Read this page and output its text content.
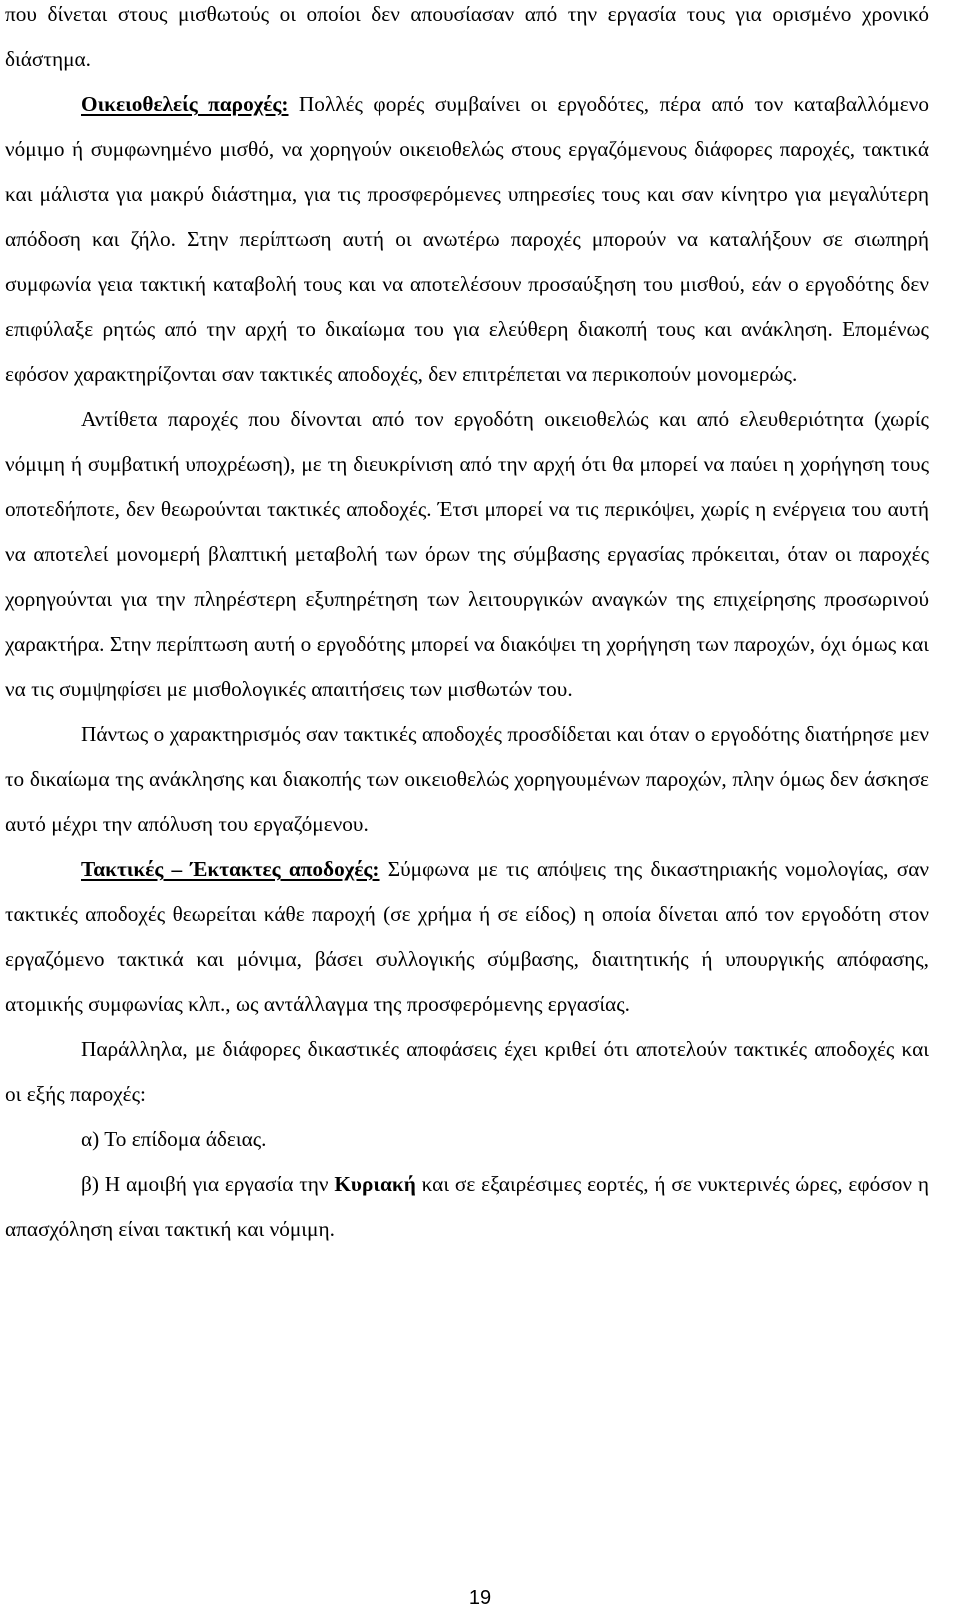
που δίνεται στους μισθωτούς οι οποίοι δεν απουσίασαν από την εργασία τους για ορισμένο χρονικό διάστημα.

Οικειοθελείς παροχές: Πολλές φορές συμβαίνει οι εργοδότες, πέρα από τον καταβαλλόμενο νόμιμο ή συμφωνημένο μισθό, να χορηγούν οικειοθελώς στους εργαζόμενους διάφορες παροχές, τακτικά και μάλιστα για μακρύ διάστημα, για τις προσφερόμενες υπηρεσίες τους και σαν κίνητρο για μεγαλύτερη απόδοση και ζήλο. Στην περίπτωση αυτή οι ανωτέρω παροχές μπορούν να καταλήξουν σε σιωπηρή συμφωνία γεια τακτική καταβολή τους και να αποτελέσουν προσαύξηση του μισθού, εάν ο εργοδότης δεν επιφύλαξε ρητώς από την αρχή το δικαίωμα του για ελεύθερη διακοπή τους και ανάκληση. Επομένως εφόσον χαρακτηρίζονται σαν τακτικές αποδοχές, δεν επιτρέπεται να περικοπούν μονομερώς.

Αντίθετα παροχές που δίνονται από τον εργοδότη οικειοθελώς και από ελευθεριότητα (χωρίς νόμιμη ή συμβατική υποχρέωση), με τη διευκρίνιση από την αρχή ότι θα μπορεί να παύει η χορήγηση τους οποτεδήποτε, δεν θεωρούνται τακτικές αποδοχές. Έτσι μπορεί να τις περικόψει, χωρίς η ενέργεια του αυτή να αποτελεί μονομερή βλαπτική μεταβολή των όρων της σύμβασης εργασίας πρόκειται, όταν οι παροχές χορηγούνται για την πληρέστερη εξυπηρέτηση των λειτουργικών αναγκών της επιχείρησης προσωρινού χαρακτήρα. Στην περίπτωση αυτή ο εργοδότης μπορεί να διακόψει τη χορήγηση των παροχών, όχι όμως και να τις συμψηφίσει με μισθολογικές απαιτήσεις των μισθωτών του.

Πάντως ο χαρακτηρισμός σαν τακτικές αποδοχές προσδίδεται και όταν ο εργοδότης διατήρησε μεν το δικαίωμα της ανάκλησης και διακοπής των οικειοθελώς χορηγουμένων παροχών, πλην όμως δεν άσκησε αυτό μέχρι την απόλυση του εργαζόμενου.

Τακτικές – Έκτακτες αποδοχές: Σύμφωνα με τις απόψεις της δικαστηριακής νομολογίας, σαν τακτικές αποδοχές θεωρείται κάθε παροχή (σε χρήμα ή σε είδος) η οποία δίνεται από τον εργοδότη στον εργαζόμενο τακτικά και μόνιμα, βάσει συλλογικής σύμβασης, διαιτητικής ή υπουργικής απόφασης, ατομικής συμφωνίας κλπ., ως αντάλλαγμα της προσφερόμενης εργασίας.

Παράλληλα, με διάφορες δικαστικές αποφάσεις έχει κριθεί ότι αποτελούν τακτικές αποδοχές και οι εξής παροχές:

α) Το επίδομα άδειας.

β) Η αμοιβή για εργασία την Κυριακή και σε εξαιρέσιμες εορτές, ή σε νυκτερινές ώρες, εφόσον η απασχόληση είναι τακτική και νόμιμη.

19
